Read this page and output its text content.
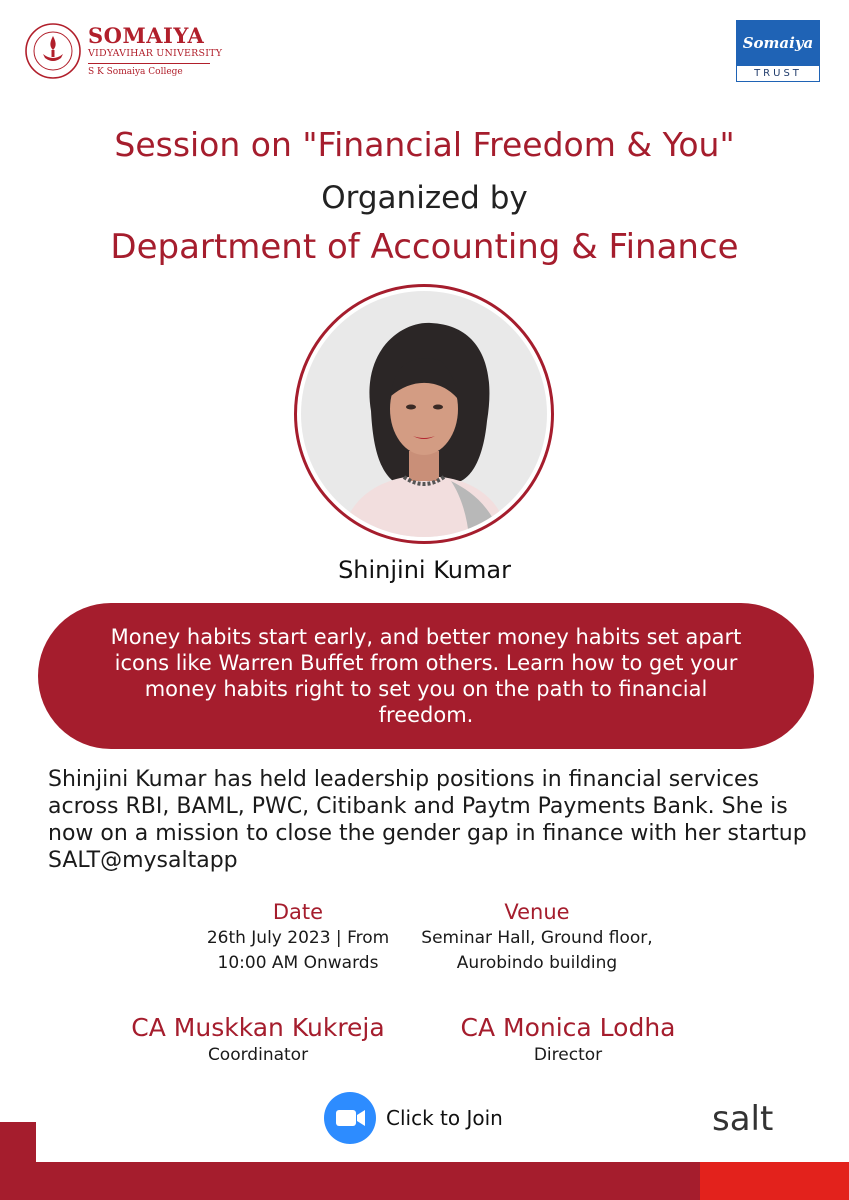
SOMAIYA
VIDYAVIHAR UNIVERSITY
S K Somaiya College
Somaiya
TRUST
Session on "Financial Freedom & You"
Organized by
Department of Accounting & Finance
Shinjini Kumar

Money habits start early, and better money habits set apart icons like Warren Buffet from others. Learn how to get your money habits right to set you on the path to financial freedom.

Shinjini Kumar has held leadership positions in financial services across RBI, BAML, PWC, Citibank and Paytm Payments Bank. She is now on a mission to close the gender gap in finance with her startup SALT@mysaltapp

Date
26th July 2023 | From 10:00 AM Onwards
Venue
Seminar Hall, Ground floor, Aurobindo building
CA Muskkan Kukreja
Coordinator
CA Monica Lodha
Director
Click to Join	salt
